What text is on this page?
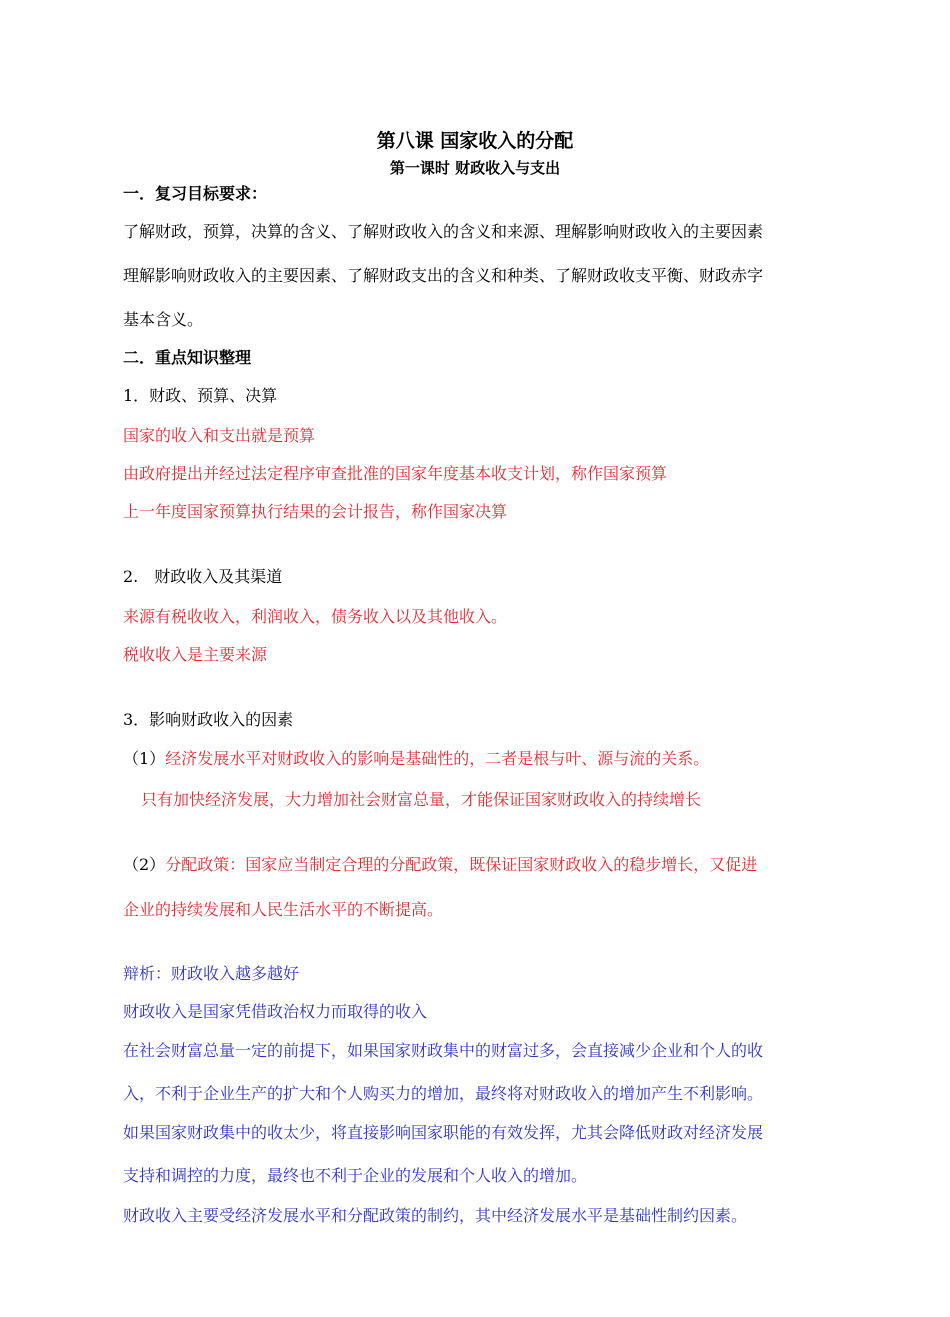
第八课 国家收入的分配
第一课时 财政收入与支出
一．复习目标要求：
了解财政，预算，决算的含义、了解财政收入的含义和来源、理解影响财政收入的主要因素
理解影响财政收入的主要因素、了解财政支出的含义和种类、了解财政收支平衡、财政赤字
基本含义。
二．重点知识整理
1．财政、预算、决算
国家的收入和支出就是预算
由政府提出并经过法定程序审查批准的国家年度基本收支计划，称作国家预算
上一年度国家预算执行结果的会计报告，称作国家决算
2.　财政收入及其渠道
来源有税收收入，利润收入，债务收入以及其他收入。
税收收入是主要来源
3．影响财政收入的因素
（1）经济发展水平对财政收入的影响是基础性的，二者是根与叶、源与流的关系。
只有加快经济发展，大力增加社会财富总量，才能保证国家财政收入的持续增长
（2）分配政策：国家应当制定合理的分配政策，既保证国家财政收入的稳步增长，又促进
企业的持续发展和人民生活水平的不断提高。
辩析：财政收入越多越好
财政收入是国家凭借政治权力而取得的收入
在社会财富总量一定的前提下，如果国家财政集中的财富过多，会直接减少企业和个人的收
入，不利于企业生产的扩大和个人购买力的增加，最终将对财政收入的增加产生不利影响。
如果国家财政集中的收太少，将直接影响国家职能的有效发挥，尤其会降低财政对经济发展
支持和调控的力度，最终也不利于企业的发展和个人收入的增加。
财政收入主要受经济发展水平和分配政策的制约，其中经济发展水平是基础性制约因素。
